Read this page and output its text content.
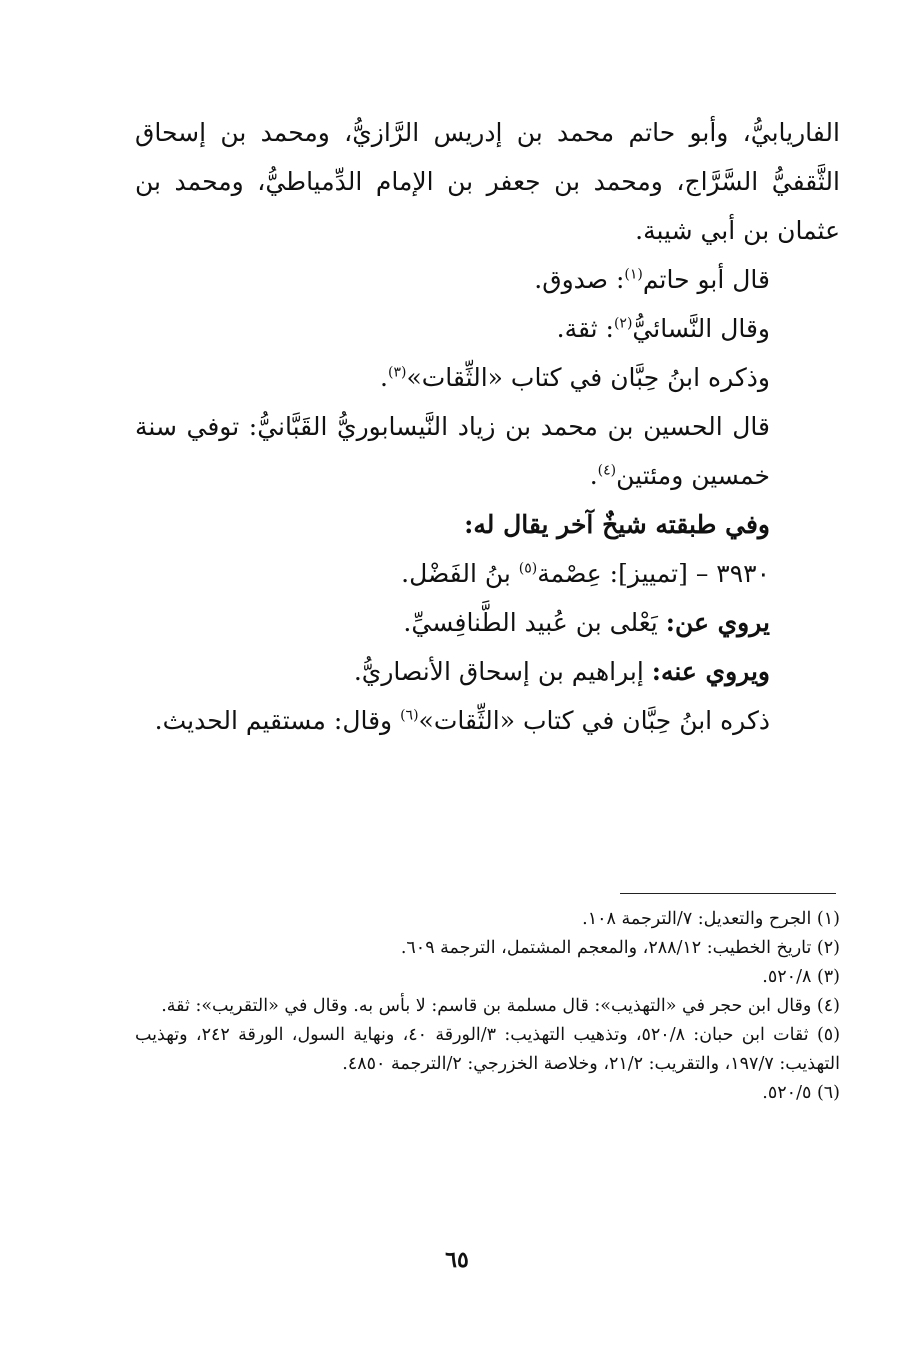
الفاريابيُّ، وأبو حاتم محمد بن إدريس الرَّازيُّ، ومحمد بن إسحاق الثَّقفيُّ السَّرَّاج، ومحمد بن جعفر بن الإمام الدِّمياطيُّ، ومحمد بن عثمان بن أبي شيبة.

قال أبو حاتم$^{(١)}$: صدوق.

وقال النَّسائيُّ$^{(٢)}$: ثقة.

وذكره ابنُ حِبَّان في كتاب «الثِّقات»$^{(٣)}$.

قال الحسين بن محمد بن زياد النَّيسابوريُّ القَبَّانيُّ: توفي سنة خمسين ومئتين$^{(٤)}$.

وفي طبقته شيخٌ آخر يقال له:

٣٩٣٠ – [تمييز]: عِصْمة$^{(٥)}$ بنُ الفَضْل.

يروي عن: يَعْلى بن عُبيد الطَّنافِسيِّ.

ويروي عنه: إبراهيم بن إسحاق الأنصاريُّ.

ذكره ابنُ حِبَّان في كتاب «الثِّقات»$^{(٦)}$ وقال: مستقيم الحديث.

(١) الجرح والتعديل: ٧/الترجمة ١٠٨.

(٢) تاريخ الخطيب: ٢٨٨/١٢، والمعجم المشتمل، الترجمة ٦٠٩.

(٣) ٥٢٠/٨.

(٤) وقال ابن حجر في «التهذيب»: قال مسلمة بن قاسم: لا بأس به. وقال في «التقريب»: ثقة.

(٥) ثقات ابن حبان: ٥٢٠/٨، وتذهيب التهذيب: ٣/الورقة ٤٠، ونهاية السول، الورقة ٢٤٢، وتهذيب التهذيب: ١٩٧/٧، والتقريب: ٢١/٢، وخلاصة الخزرجي: ٢/الترجمة ٤٨٥٠.

(٦) ٥٢٠/٥.

٦٥
